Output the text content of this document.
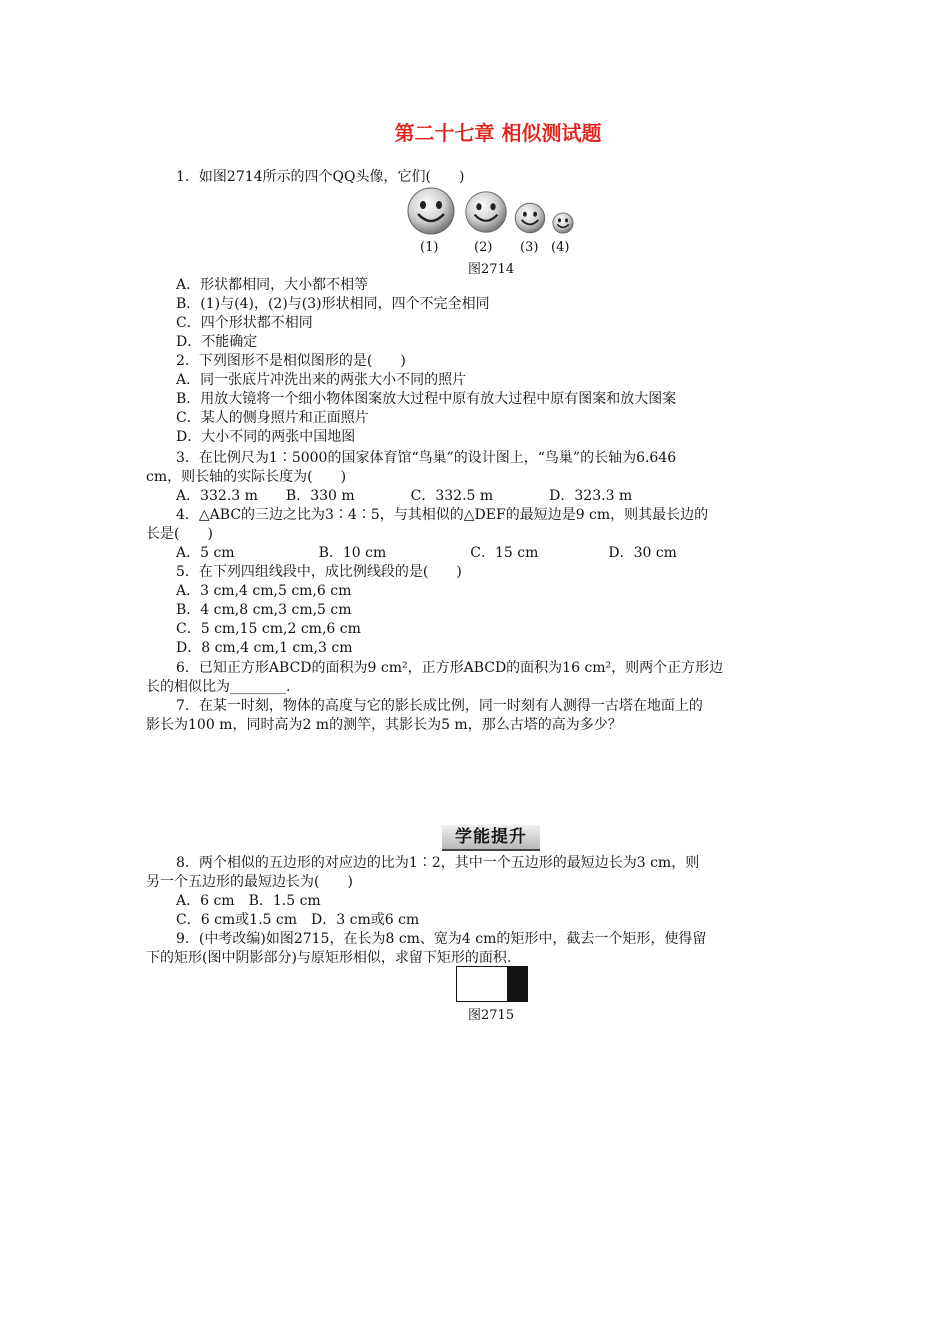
第二十七章 相似测试题
1．如图2714所示的四个QQ头像，它们(　　)
(1)	(2) (3) (4)
图2714
A．形状都相同，大小都不相等
B．(1)与(4)，(2)与(3)形状相同，四个不完全相同
C．四个形状都不相同
D．不能确定
2．下列图形不是相似图形的是(　　)
A．同一张底片冲洗出来的两张大小不同的照片
B．用放大镜将一个细小物体图案放大过程中原有放大过程中原有图案和放大图案
C．某人的侧身照片和正面照片
D．大小不同的两张中国地图
3．在比例尺为1∶5000的国家体育馆“鸟巢”的设计图上，“鸟巢”的长轴为6.646
cm，则长轴的实际长度为(　　)
A．332.3 m　　B．330 m　　　　C．332.5 m　　　　D．323.3 m
4．△ABC的三边之比为3∶4∶5，与其相似的△DEF的最短边是9 cm，则其最长边的
长是(　　)
A．5 cm　　　　　　B．10 cm　　　　　　C．15 cm　　　　　D．30 cm
5．在下列四组线段中，成比例线段的是(　　)
A．3 cm,4 cm,5 cm,6 cm
B．4 cm,8 cm,3 cm,5 cm
C．5 cm,15 cm,2 cm,6 cm
D．8 cm,4 cm,1 cm,3 cm
6．已知正方形ABCD的面积为9 cm²，正方形ABCD的面积为16 cm²，则两个正方形边
长的相似比为________.
7．在某一时刻，物体的高度与它的影长成比例，同一时刻有人测得一古塔在地面上的
影长为100 m，同时高为2 m的测竿，其影长为5 m，那么古塔的高为多少？
学能提升
8．两个相似的五边形的对应边的比为1∶2，其中一个五边形的最短边长为3 cm，则
另一个五边形的最短边长为(　　)
A．6 cm　B．1.5 cm
C．6 cm或1.5 cm　D．3 cm或6 cm
9．(中考改编)如图2715，在长为8 cm、宽为4 cm的矩形中，截去一个矩形，使得留
下的矩形(图中阴影部分)与原矩形相似，求留下矩形的面积.
图2715
